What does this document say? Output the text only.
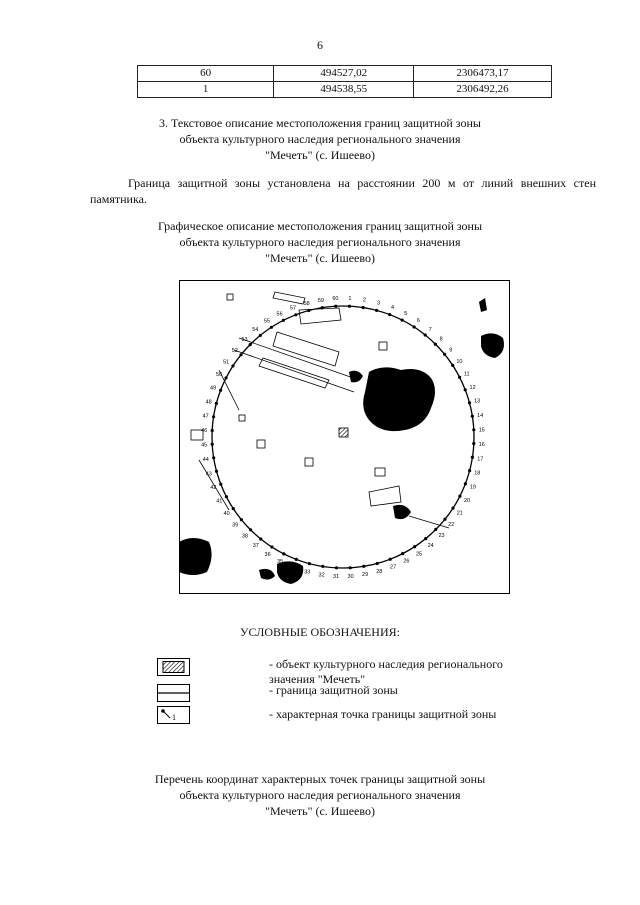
6
60	494527,02	2306473,17
1	494538,55	2306492,26
3. Текстовое описание местоположения границ защитной зоны
объекта культурного наследия регионального значения
"Мечеть" (с. Ишеево)
Граница защитной зоны установлена на расстоянии 200 м от линий внешних стен
памятника.
Графическое описание местоположения границ защитной зоны
объекта культурного наследия регионального значения
"Мечеть" (с. Ишеево)
1 2 3
4
5
6
7
8
9
10
11
12
13
14
15
16
17
18
19
20
21
22
23
24
25
26
27
28
29
30
31
32
33
34
35
36
37
38
39
40
41
42
43
44
45
46
47
48
49
50
51
52
53
54
55
56
57
58 59 60
УСЛОВНЫЕ ОБОЗНАЧЕНИЯ:
- объект культурного наследия регионального
значения "Мечеть"
- граница защитной зоны
1	- характерная точка границы защитной зоны
Перечень координат характерных точек границы защитной зоны
объекта культурного наследия регионального значения
"Мечеть" (с. Ишеево)
